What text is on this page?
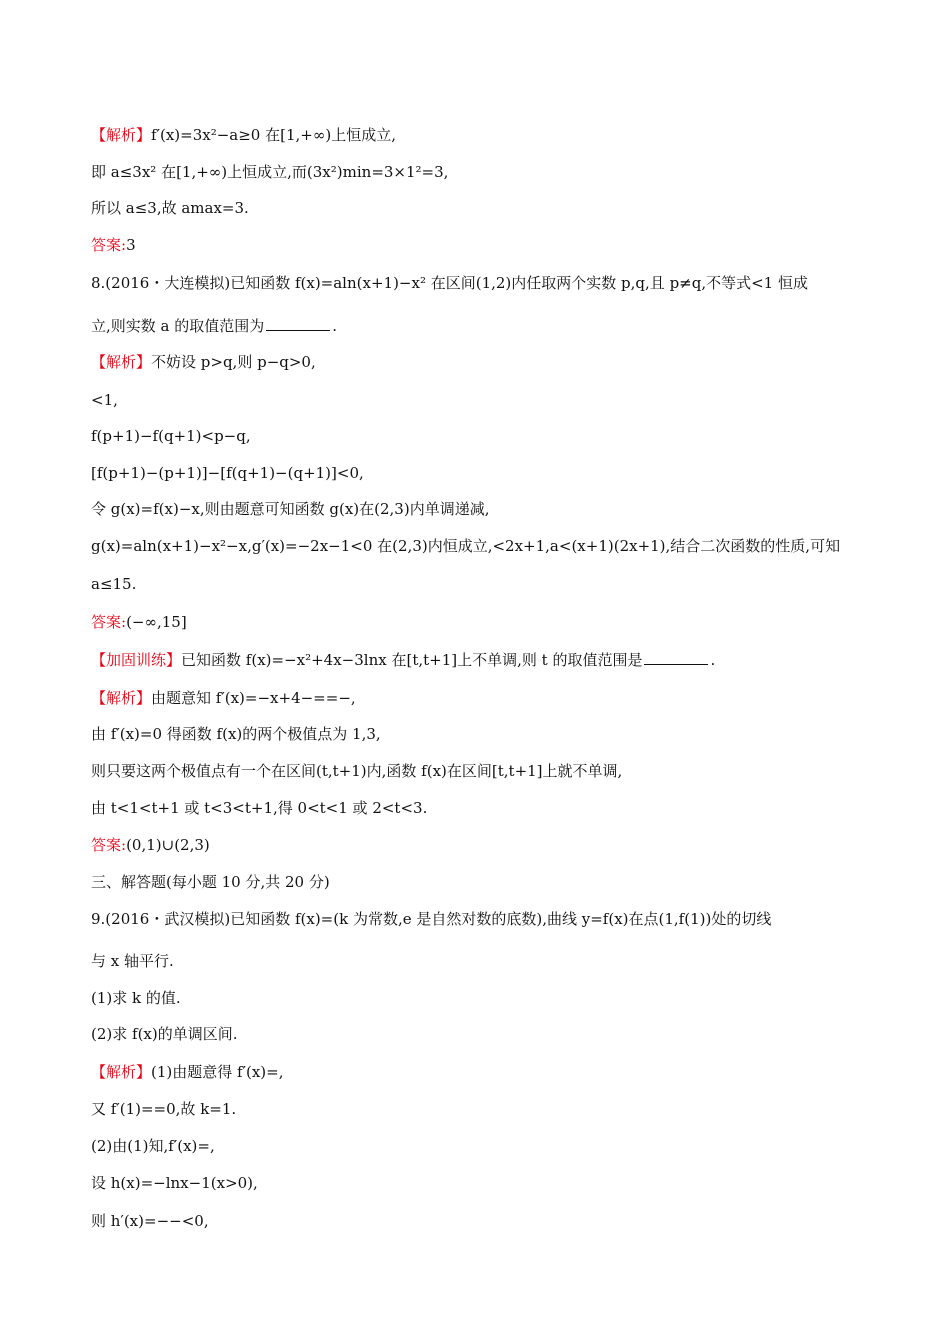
【解析】f′(x)=3x²−a≥0 在[1,+∞)上恒成立,
即 a≤3x² 在[1,+∞)上恒成立,而(3x²)min=3×1²=3,
所以 a≤3,故 amax=3.
答案:3
8.(2016・大连模拟)已知函数 f(x)=aln(x+1)−x² 在区间(1,2)内任取两个实数 p,q,且 p≠q,不等式<1 恒成
立,则实数 a 的取值范围为	.
【解析】不妨设 p>q,则 p−q>0,
<1,
f(p+1)−f(q+1)<p−q,
[f(p+1)−(p+1)]−[f(q+1)−(q+1)]<0,
令 g(x)=f(x)−x,则由题意可知函数 g(x)在(2,3)内单调递减,
g(x)=aln(x+1)−x²−x,g′(x)=−2x−1<0 在(2,3)内恒成立,<2x+1,a<(x+1)(2x+1),结合二次函数的性质,可知
a≤15.
答案:(−∞,15]
【加固训练】已知函数 f(x)=−x²+4x−3lnx 在[t,t+1]上不单调,则 t 的取值范围是	.
【解析】由题意知 f′(x)=−x+4−==−,
由 f′(x)=0 得函数 f(x)的两个极值点为 1,3,
则只要这两个极值点有一个在区间(t,t+1)内,函数 f(x)在区间[t,t+1]上就不单调,
由 t<1<t+1 或 t<3<t+1,得 0<t<1 或 2<t<3.
答案:(0,1)∪(2,3)
三、解答题(每小题 10 分,共 20 分)
9.(2016・武汉模拟)已知函数 f(x)=(k 为常数,e 是自然对数的底数),曲线 y=f(x)在点(1,f(1))处的切线
与 x 轴平行.
(1)求 k 的值.
(2)求 f(x)的单调区间.
【解析】(1)由题意得 f′(x)=,
又 f′(1)==0,故 k=1.
(2)由(1)知,f′(x)=,
设 h(x)=−lnx−1(x>0),
则 h′(x)=−−<0,
